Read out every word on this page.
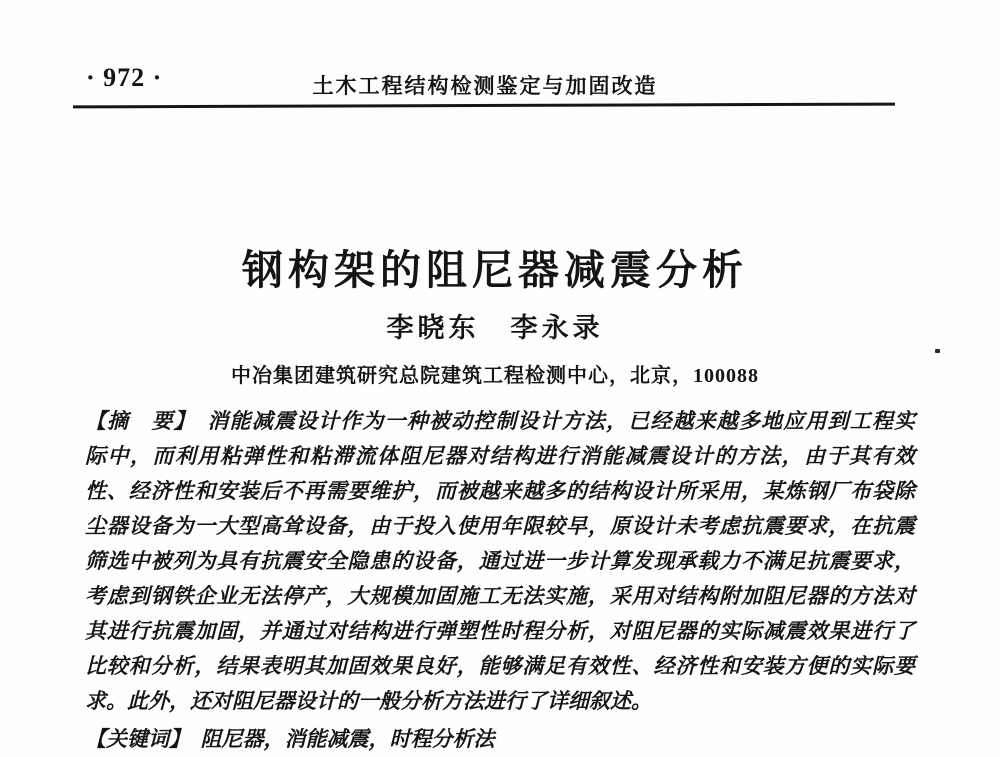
· 972 ·	土木工程结构检测鉴定与加固改造
钢构架的阻尼器减震分析
李晓东　李永录
中冶集团建筑研究总院建筑工程检测中心，北京，100088
【摘　要】　消能减震设计作为一种被动控制设计方法，已经越来越多地应用到工程实
际中，而利用粘弹性和粘滞流体阻尼器对结构进行消能减震设计的方法，由于其有效
性、经济性和安装后不再需要维护，而被越来越多的结构设计所采用，某炼钢厂布袋除
尘器设备为一大型高耸设备，由于投入使用年限较早，原设计未考虑抗震要求，在抗震
筛选中被列为具有抗震安全隐患的设备，通过进一步计算发现承载力不满足抗震要求，
考虑到钢铁企业无法停产，大规模加固施工无法实施，采用对结构附加阻尼器的方法对
其进行抗震加固，并通过对结构进行弹塑性时程分析，对阻尼器的实际减震效果进行了
比较和分析，结果表明其加固效果良好，能够满足有效性、经济性和安装方便的实际要
求。此外，还对阻尼器设计的一般分析方法进行了详细叙述。
【关键词】　阻尼器，消能减震，时程分析法
